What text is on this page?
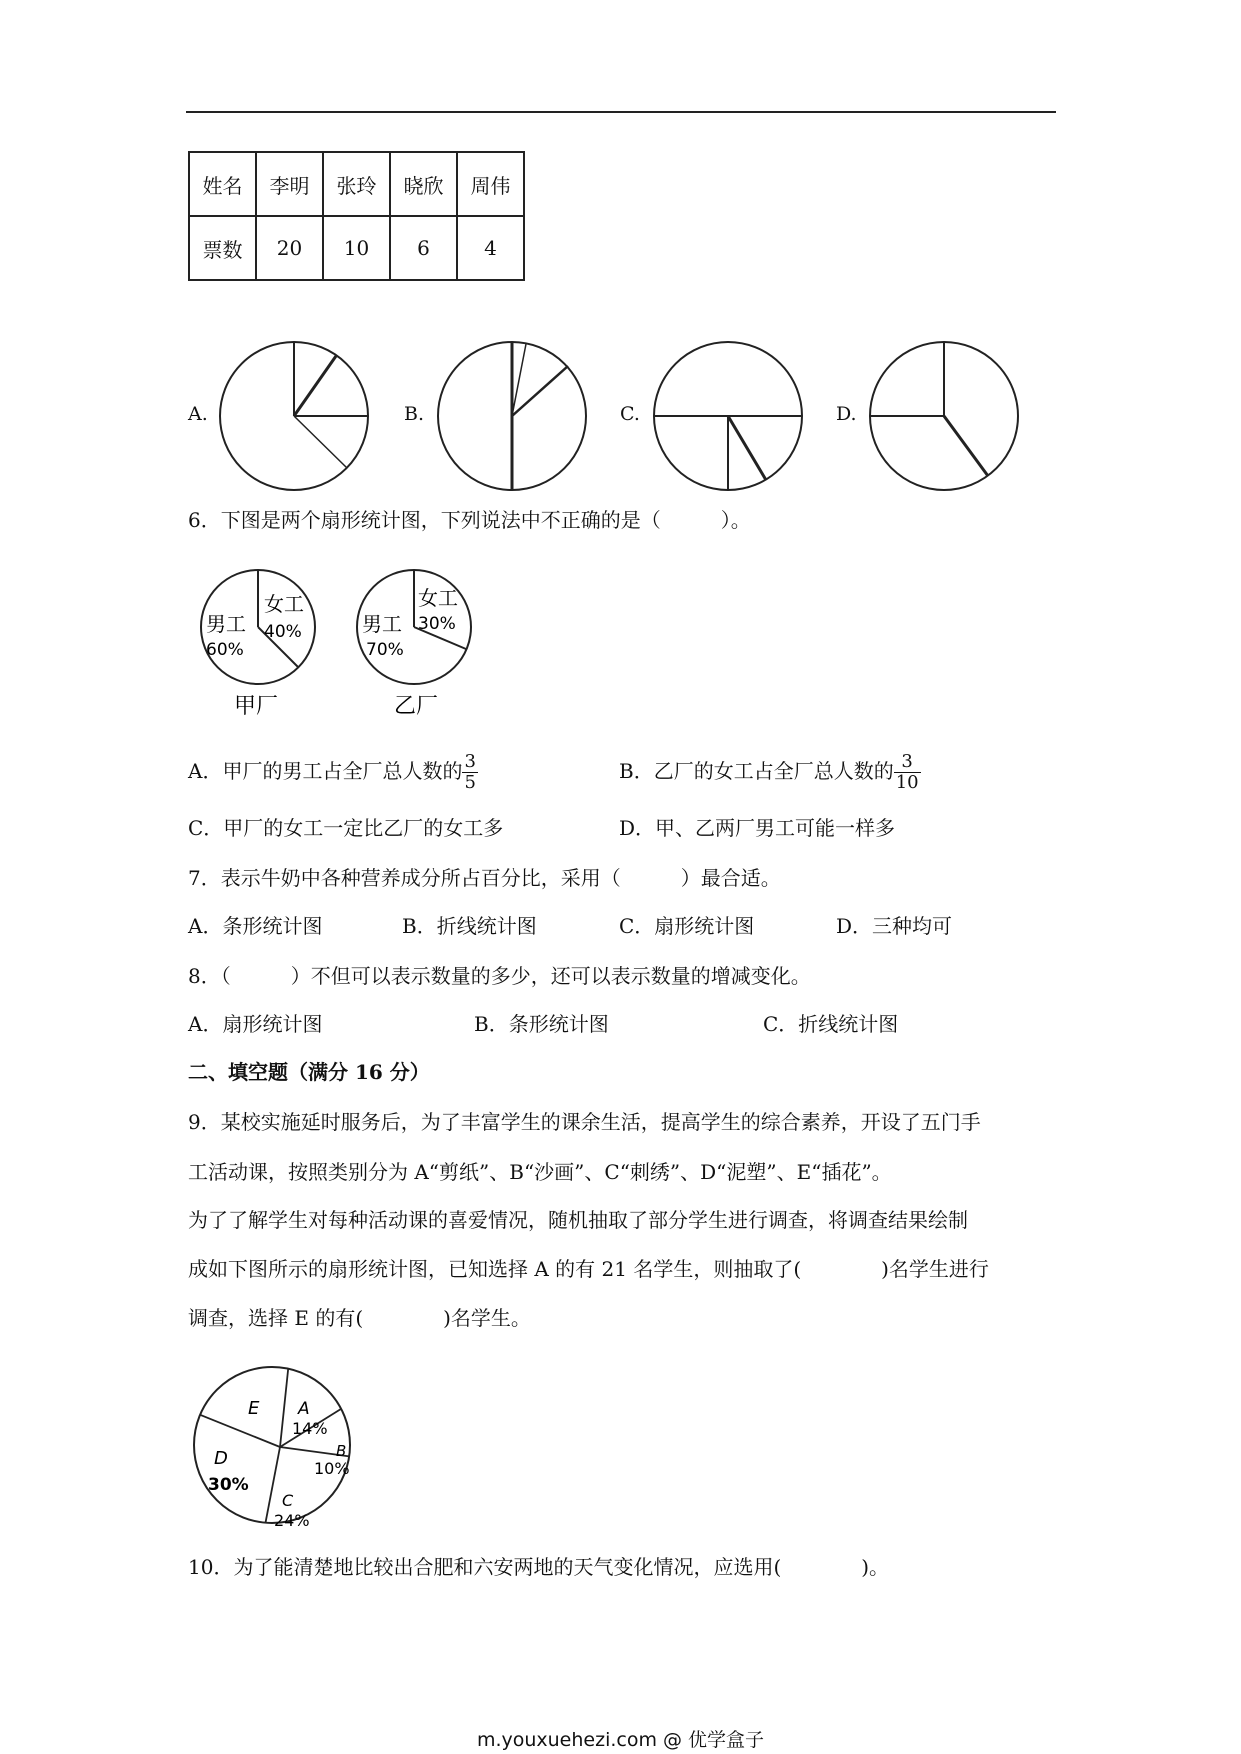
姓名	李明	张玲	晓欣	周伟
票数	20	10	6	4
A.	B.	C.	D.
6．下图是两个扇形统计图，下列说法中不正确的是（　　　）。
女工
40%
男工
60%
甲厂
女工
30%
男工
70%
乙厂
A．甲厂的男工占全厂总人数的 $\frac{3}{5}$	B．乙厂的女工占全厂总人数的 $\frac{3}{10}$
C．甲厂的女工一定比乙厂的女工多	D．甲、乙两厂男工可能一样多
7．表示牛奶中各种营养成分所占百分比，采用（　　　）最合适。
A．条形统计图	B．折线统计图	C．扇形统计图	D．三种均可
8．（　　　）不但可以表示数量的多少，还可以表示数量的增减变化。
A．扇形统计图	B．条形统计图	C．折线统计图
二、填空题（满分 16 分）
9．某校实施延时服务后，为了丰富学生的课余生活，提高学生的综合素养，开设了五门手
工活动课，按照类别分为 A“剪纸”、B“沙画”、C“刺绣”、D“泥塑”、E“插花”。
为了了解学生对每种活动课的喜爱情况，随机抽取了部分学生进行调查，将调查结果绘制
成如下图所示的扇形统计图，已知选择 A 的有 21 名学生，则抽取了(　　　　)名学生进行
调查，选择 E 的有(　　　　)名学生。
E A
14%
B
10%
C
24%
D
30%
10．为了能清楚地比较出合肥和六安两地的天气变化情况，应选用(　　　　)。
m.youxuehezi.com @ 优学盒子
